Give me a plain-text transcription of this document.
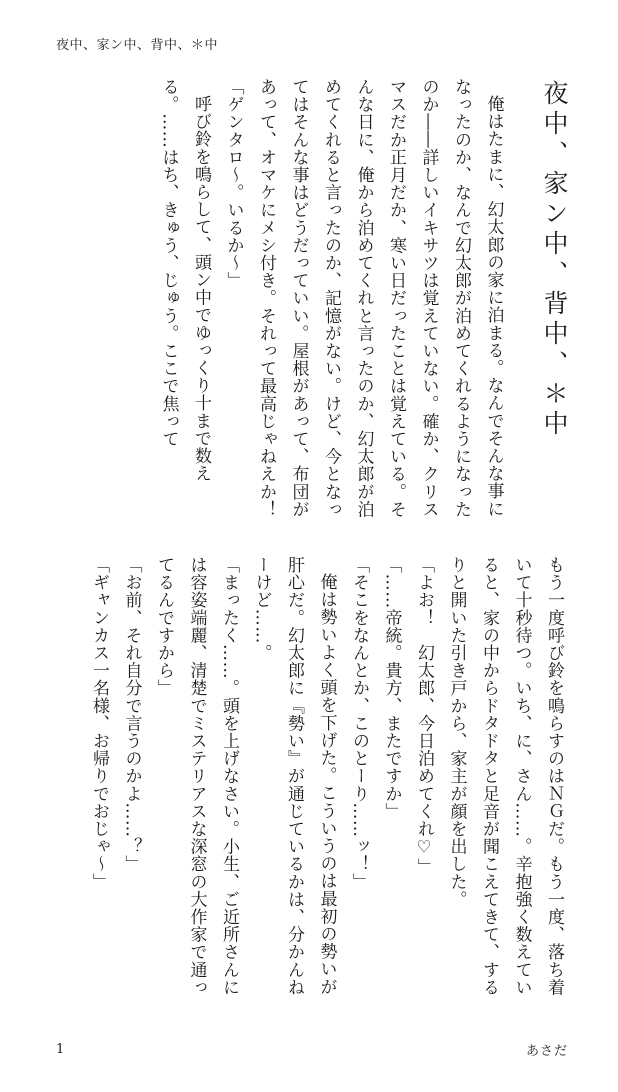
夜中、家ン中、背中、＊中
夜中、家ン中、背中、＊中
俺はたまに、幻太郎の家に泊まる。なんでそんな事になったのか、なんで幻太郎が泊めてくれるようになったのか――詳しいイキサツは覚えていない。確か、クリスマスだか正月だか、寒い日だったことは覚えている。そんな日に、俺から泊めてくれと言ったのか、幻太郎が泊めてくれると言ったのか、記憶がない。けど、今となってはそんな事はどうだっていい。屋根があって、布団があって、オマケにメシ付き。それって最高じゃねえか！
「ゲンタロ～。いるか～」
呼び鈴を鳴らして、頭ン中でゆっくり十まで数える。……はち、きゅう、じゅう。ここで焦って
もう一度呼び鈴を鳴らすのはＮＧだ。もう一度、落ち着いて十秒待つ。いち、に、さん……。辛抱強く数えていると、家の中からドタドタと足音が聞こえてきて、するりと開いた引き戸から、家主が顔を出した。
「よお！　幻太郎、今日泊めてくれ♡」
「……帝統。貴方、またですか」
「そこをなんとか、このとーり……ッ！」
俺は勢いよく頭を下げた。こういうのは最初の勢いが肝心だ。幻太郎に『勢い』が通じているかは、分かんねーけど……。
「まったく……。頭を上げなさい。小生、ご近所さんには容姿端麗、清楚でミステリアスな深窓の大作家で通ってるんですから」
「お前、それ自分で言うのかよ……？」
「ギャンカス一名様、お帰りでおじゃ～」
1	あさだ
